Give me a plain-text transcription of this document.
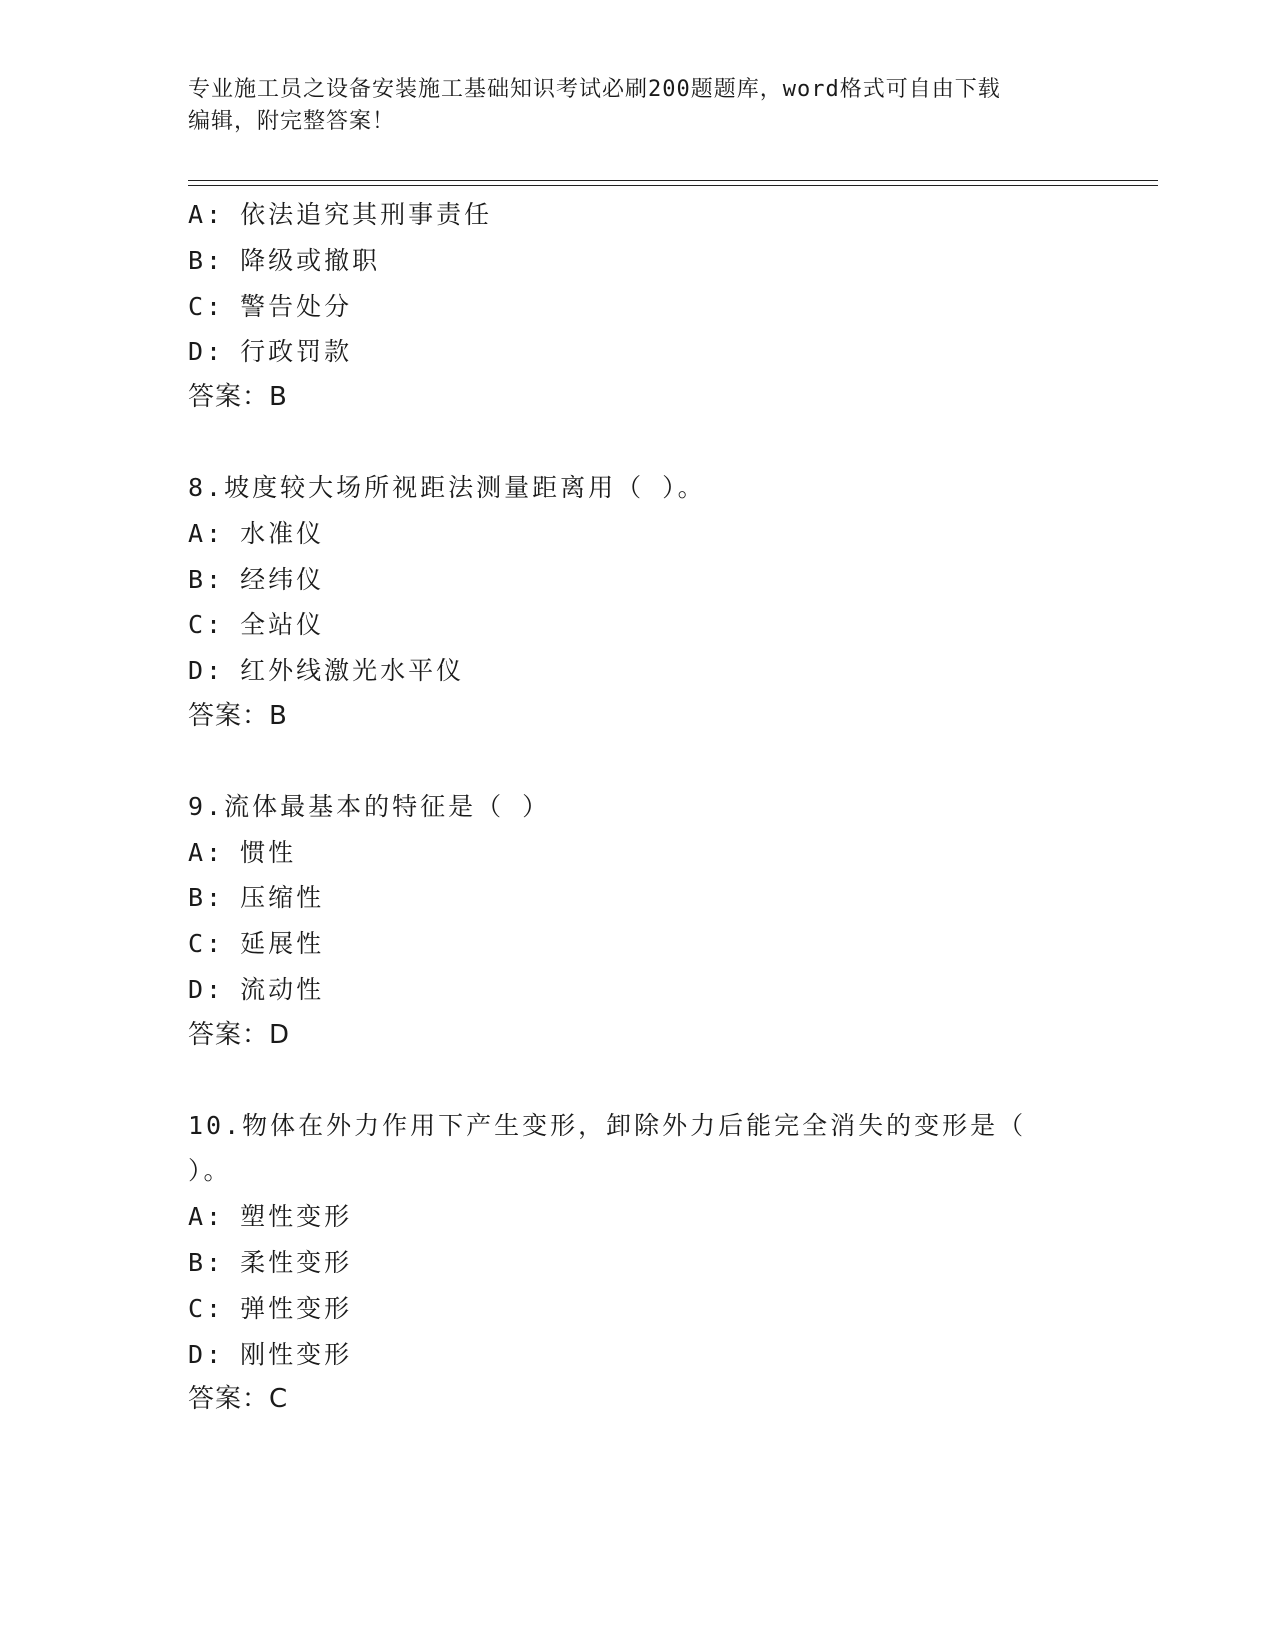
专业施工员之设备安装施工基础知识考试必刷200题题库，word格式可自由下载
编辑，附完整答案！
A: 依法追究其刑事责任
B: 降级或撤职
C: 警告处分
D: 行政罚款
答案：B
8.坡度较大场所视距法测量距离用（ ）。
A: 水准仪
B: 经纬仪
C: 全站仪
D: 红外线激光水平仪
答案：B
9.流体最基本的特征是（ ）
A: 惯性
B: 压缩性
C: 延展性
D: 流动性
答案：D
10.物体在外力作用下产生变形，卸除外力后能完全消失的变形是（
）。
A: 塑性变形
B: 柔性变形
C: 弹性变形
D: 刚性变形
答案：C
